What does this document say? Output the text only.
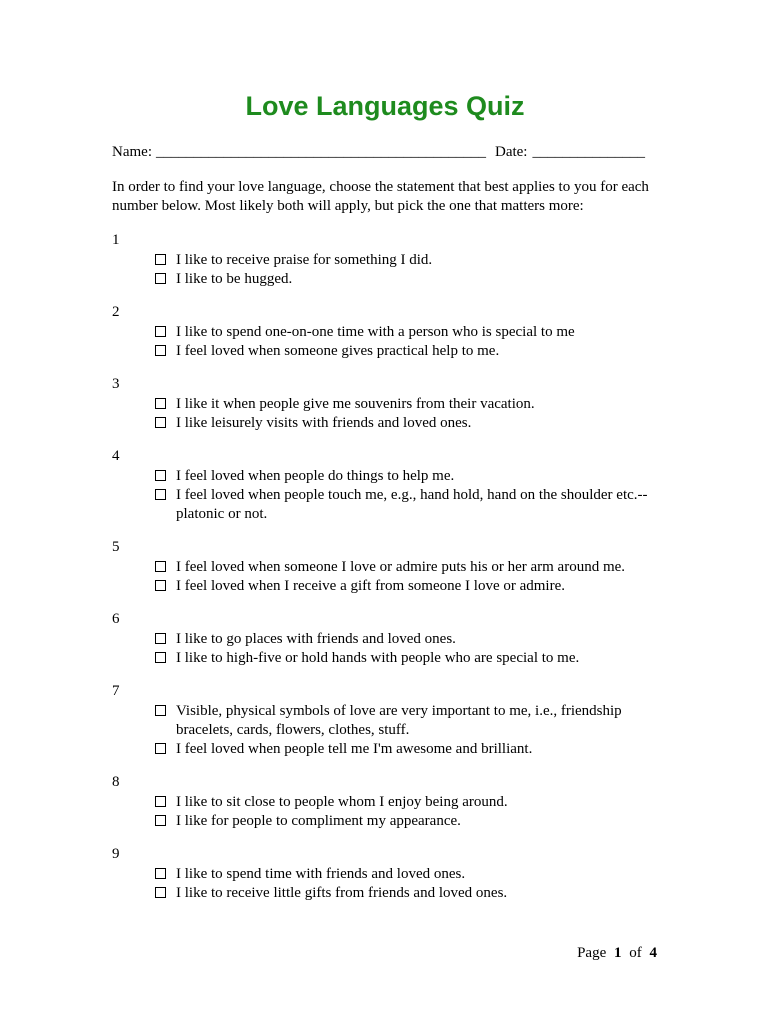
Love Languages Quiz
Name: ____________________________________________ Date: _______________

In order to find your love language, choose the statement that best applies to you for each number below. Most likely both will apply, but pick the one that matters more:

1
I like to receive praise for something I did.
I like to be hugged.
2
I like to spend one-on-one time with a person who is special to me
I feel loved when someone gives practical help to me.
3
I like it when people give me souvenirs from their vacation.
I like leisurely visits with friends and loved ones.
4
I feel loved when people do things to help me.
I feel loved when people touch me, e.g., hand hold, hand on the shoulder etc.-- platonic or not.
5
I feel loved when someone I love or admire puts his or her arm around me.
I feel loved when I receive a gift from someone I love or admire.
6
I like to go places with friends and loved ones.
I like to high-five or hold hands with people who are special to me.
7
Visible, physical symbols of love are very important to me, i.e., friendship bracelets, cards, flowers, clothes, stuff.
I feel loved when people tell me I'm awesome and brilliant.
8
I like to sit close to people whom I enjoy being around.
I like for people to compliment my appearance.
9
I like to spend time with friends and loved ones.
I like to receive little gifts from friends and loved ones.
Page 1 of 4
